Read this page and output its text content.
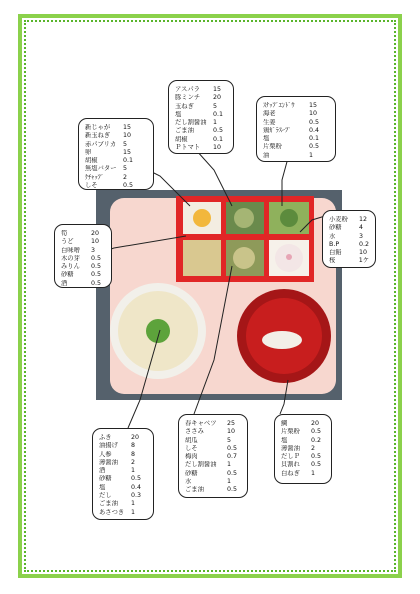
新じゃが	15
新玉ねぎ	10
赤パプリカ	5
卵	15
胡椒	0.1
無塩バター	5
ｹﾁｬｯﾌﾟ	2
しそ	0.5
アスパラ	15
豚ミンチ	20
玉ねぎ	5
塩	0.1
だし割醤油	1
ごま油	0.5
胡椒	0.1
Ｐトマト	10
ｽﾅｯﾌﾟｴﾝﾄﾞｳ	15
海老	10
生姜	0.5
鶏ｶﾞﾗｽｰﾌﾟ	0.4
塩	0.1
片栗粉	0.5
油	1
筍	20
うど	10
白味噌	3
木の芽	0.5
みりん	0.5
砂糖	0.5
酒	0.5
小麦粉	12
砂糖	4
水	3
B.P	0.2
白餡	10
桜	1ケ
ふき	20
油揚げ	8
人参	8
薄醤油	2
酒	1
砂糖	0.5
塩	0.4
だし	0.3
ごま油	1
あさつき	1
春キャベツ	25
ささみ	10
胡瓜	5
しそ	0.5
梅肉	0.7
だし割醤油	1
砂糖	0.5
水	1
ごま油	0.5
鯛	20
片栗粉	0.5
塩	0.2
薄醤油	2
だしＰ	0.5
貝割れ	0.5
白ねぎ	1
